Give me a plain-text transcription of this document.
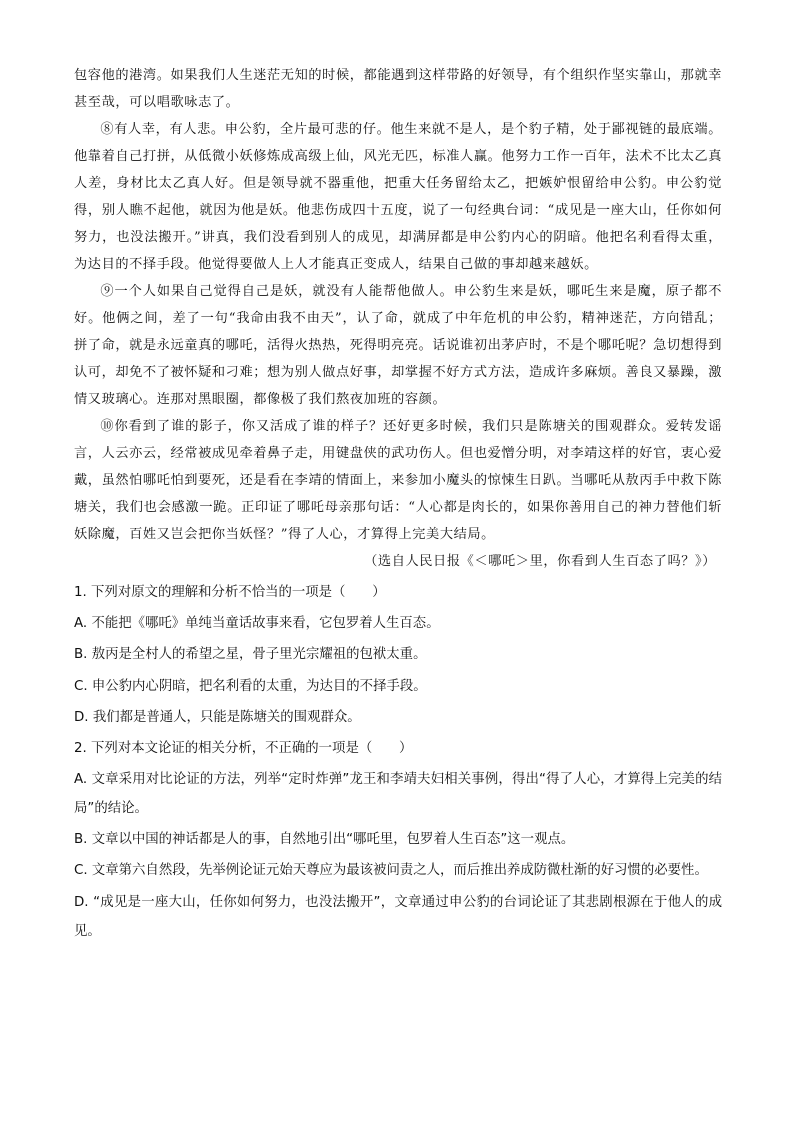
包容他的港湾。如果我们人生迷茫无知的时候，都能遇到这样带路的好领导，有个组织作坚实靠山，那就幸甚至哉，可以唱歌咏志了。

⑧有人幸，有人悲。申公豹，全片最可悲的仔。他生来就不是人，是个豹子精，处于鄙视链的最底端。他靠着自己打拼，从低微小妖修炼成高级上仙，风光无匹，标准人赢。他努力工作一百年，法术不比太乙真人差，身材比太乙真人好。但是领导就不器重他，把重大任务留给太乙，把嫉妒恨留给申公豹。申公豹觉得，别人瞧不起他，就因为他是妖。他悲伤成四十五度，说了一句经典台词：“成见是一座大山，任你如何努力，也没法搬开。”讲真，我们没看到别人的成见，却满屏都是申公豹内心的阴暗。他把名利看得太重，为达目的不择手段。他觉得要做人上人才能真正变成人，结果自己做的事却越来越妖。

⑨一个人如果自己觉得自己是妖，就没有人能帮他做人。申公豹生来是妖，哪吒生来是魔，原子都不好。他俩之间，差了一句“我命由我不由天”，认了命，就成了中年危机的申公豹，精神迷茫，方向错乱；拼了命，就是永远童真的哪吒，活得火热热，死得明亮亮。话说谁初出茅庐时，不是个哪吒呢？急切想得到认可，却免不了被怀疑和刁难；想为别人做点好事，却掌握不好方式方法，造成许多麻烦。善良又暴躁，激情又玻璃心。连那对黑眼圈，都像极了我们熬夜加班的容颜。

⑩你看到了谁的影子，你又活成了谁的样子？还好更多时候，我们只是陈塘关的围观群众。爱转发谣言，人云亦云，经常被成见牵着鼻子走，用键盘侠的武功伤人。但也爱憎分明，对李靖这样的好官，衷心爱戴，虽然怕哪吒怕到要死，还是看在李靖的情面上，来参加小魔头的惊悚生日趴。当哪吒从敖丙手中救下陈塘关，我们也会感激一跪。正印证了哪吒母亲那句话：“人心都是肉长的，如果你善用自己的神力替他们斩妖除魔，百姓又岂会把你当妖怪？”得了人心，才算得上完美大结局。

（选自人民日报《＜哪吒＞里，你看到人生百态了吗？》）

1. 下列对原文的理解和分析不恰当的一项是（　　）

A. 不能把《哪吒》单纯当童话故事来看，它包罗着人生百态。

B. 敖丙是全村人的希望之星，骨子里光宗耀祖的包袱太重。

C. 申公豹内心阴暗，把名利看的太重，为达目的不择手段。

D. 我们都是普通人，只能是陈塘关的围观群众。

2. 下列对本文论证的相关分析，不正确的一项是（　　）

A. 文章采用对比论证的方法，列举“定时炸弹”龙王和李靖夫妇相关事例，得出“得了人心，才算得上完美的结局”的结论。

B. 文章以中国的神话都是人的事，自然地引出“哪吒里，包罗着人生百态”这一观点。

C. 文章第六自然段，先举例论证元始天尊应为最该被问责之人，而后推出养成防微杜渐的好习惯的必要性。

D. “成见是一座大山，任你如何努力，也没法搬开”，文章通过申公豹的台词论证了其悲剧根源在于他人的成见。
